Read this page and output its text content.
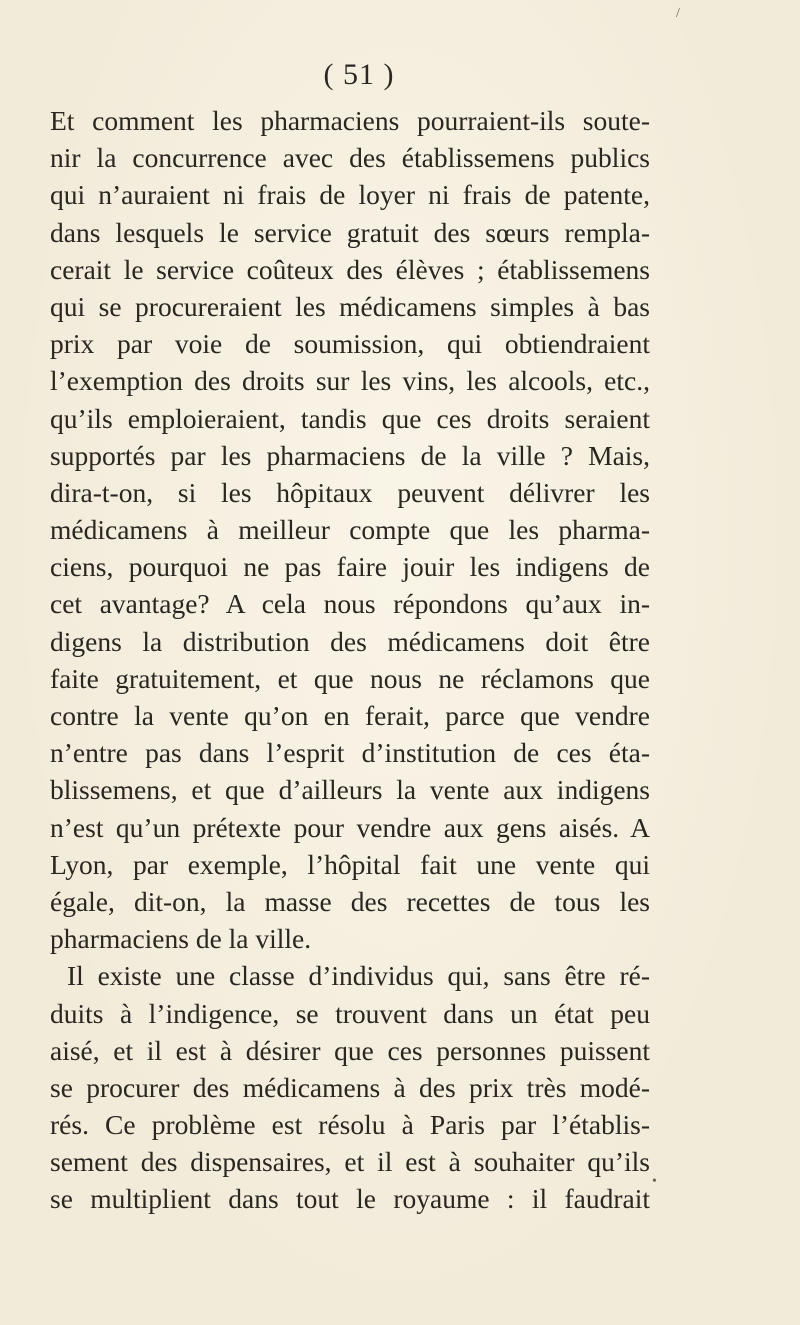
( 51 )
Et comment les pharmaciens pourraient-ils soute-
nir la concurrence avec des établissemens publics
qui n’auraient ni frais de loyer ni frais de patente,
dans lesquels le service gratuit des sœurs rempla-
cerait le service coûteux des élèves ; établissemens
qui se procureraient les médicamens simples à bas
prix par voie de soumission, qui obtiendraient
l’exemption des droits sur les vins, les alcools, etc.,
qu’ils emploieraient, tandis que ces droits seraient
supportés par les pharmaciens de la ville ? Mais,
dira-t-on, si les hôpitaux peuvent délivrer les
médicamens à meilleur compte que les pharma-
ciens, pourquoi ne pas faire jouir les indigens de
cet avantage? A cela nous répondons qu’aux in-
digens la distribution des médicamens doit être
faite gratuitement, et que nous ne réclamons que
contre la vente qu’on en ferait, parce que vendre
n’entre pas dans l’esprit d’institution de ces éta-
blissemens, et que d’ailleurs la vente aux indigens
n’est qu’un prétexte pour vendre aux gens aisés. A
Lyon, par exemple, l’hôpital fait une vente qui
égale, dit-on, la masse des recettes de tous les
pharmaciens de la ville.
Il existe une classe d’individus qui, sans être ré-
duits à l’indigence, se trouvent dans un état peu
aisé, et il est à désirer que ces personnes puissent
se procurer des médicamens à des prix très modé-
rés. Ce problème est résolu à Paris par l’établis-
sement des dispensaires, et il est à souhaiter qu’ils
se multiplient dans tout le royaume : il faudrait
/
•
